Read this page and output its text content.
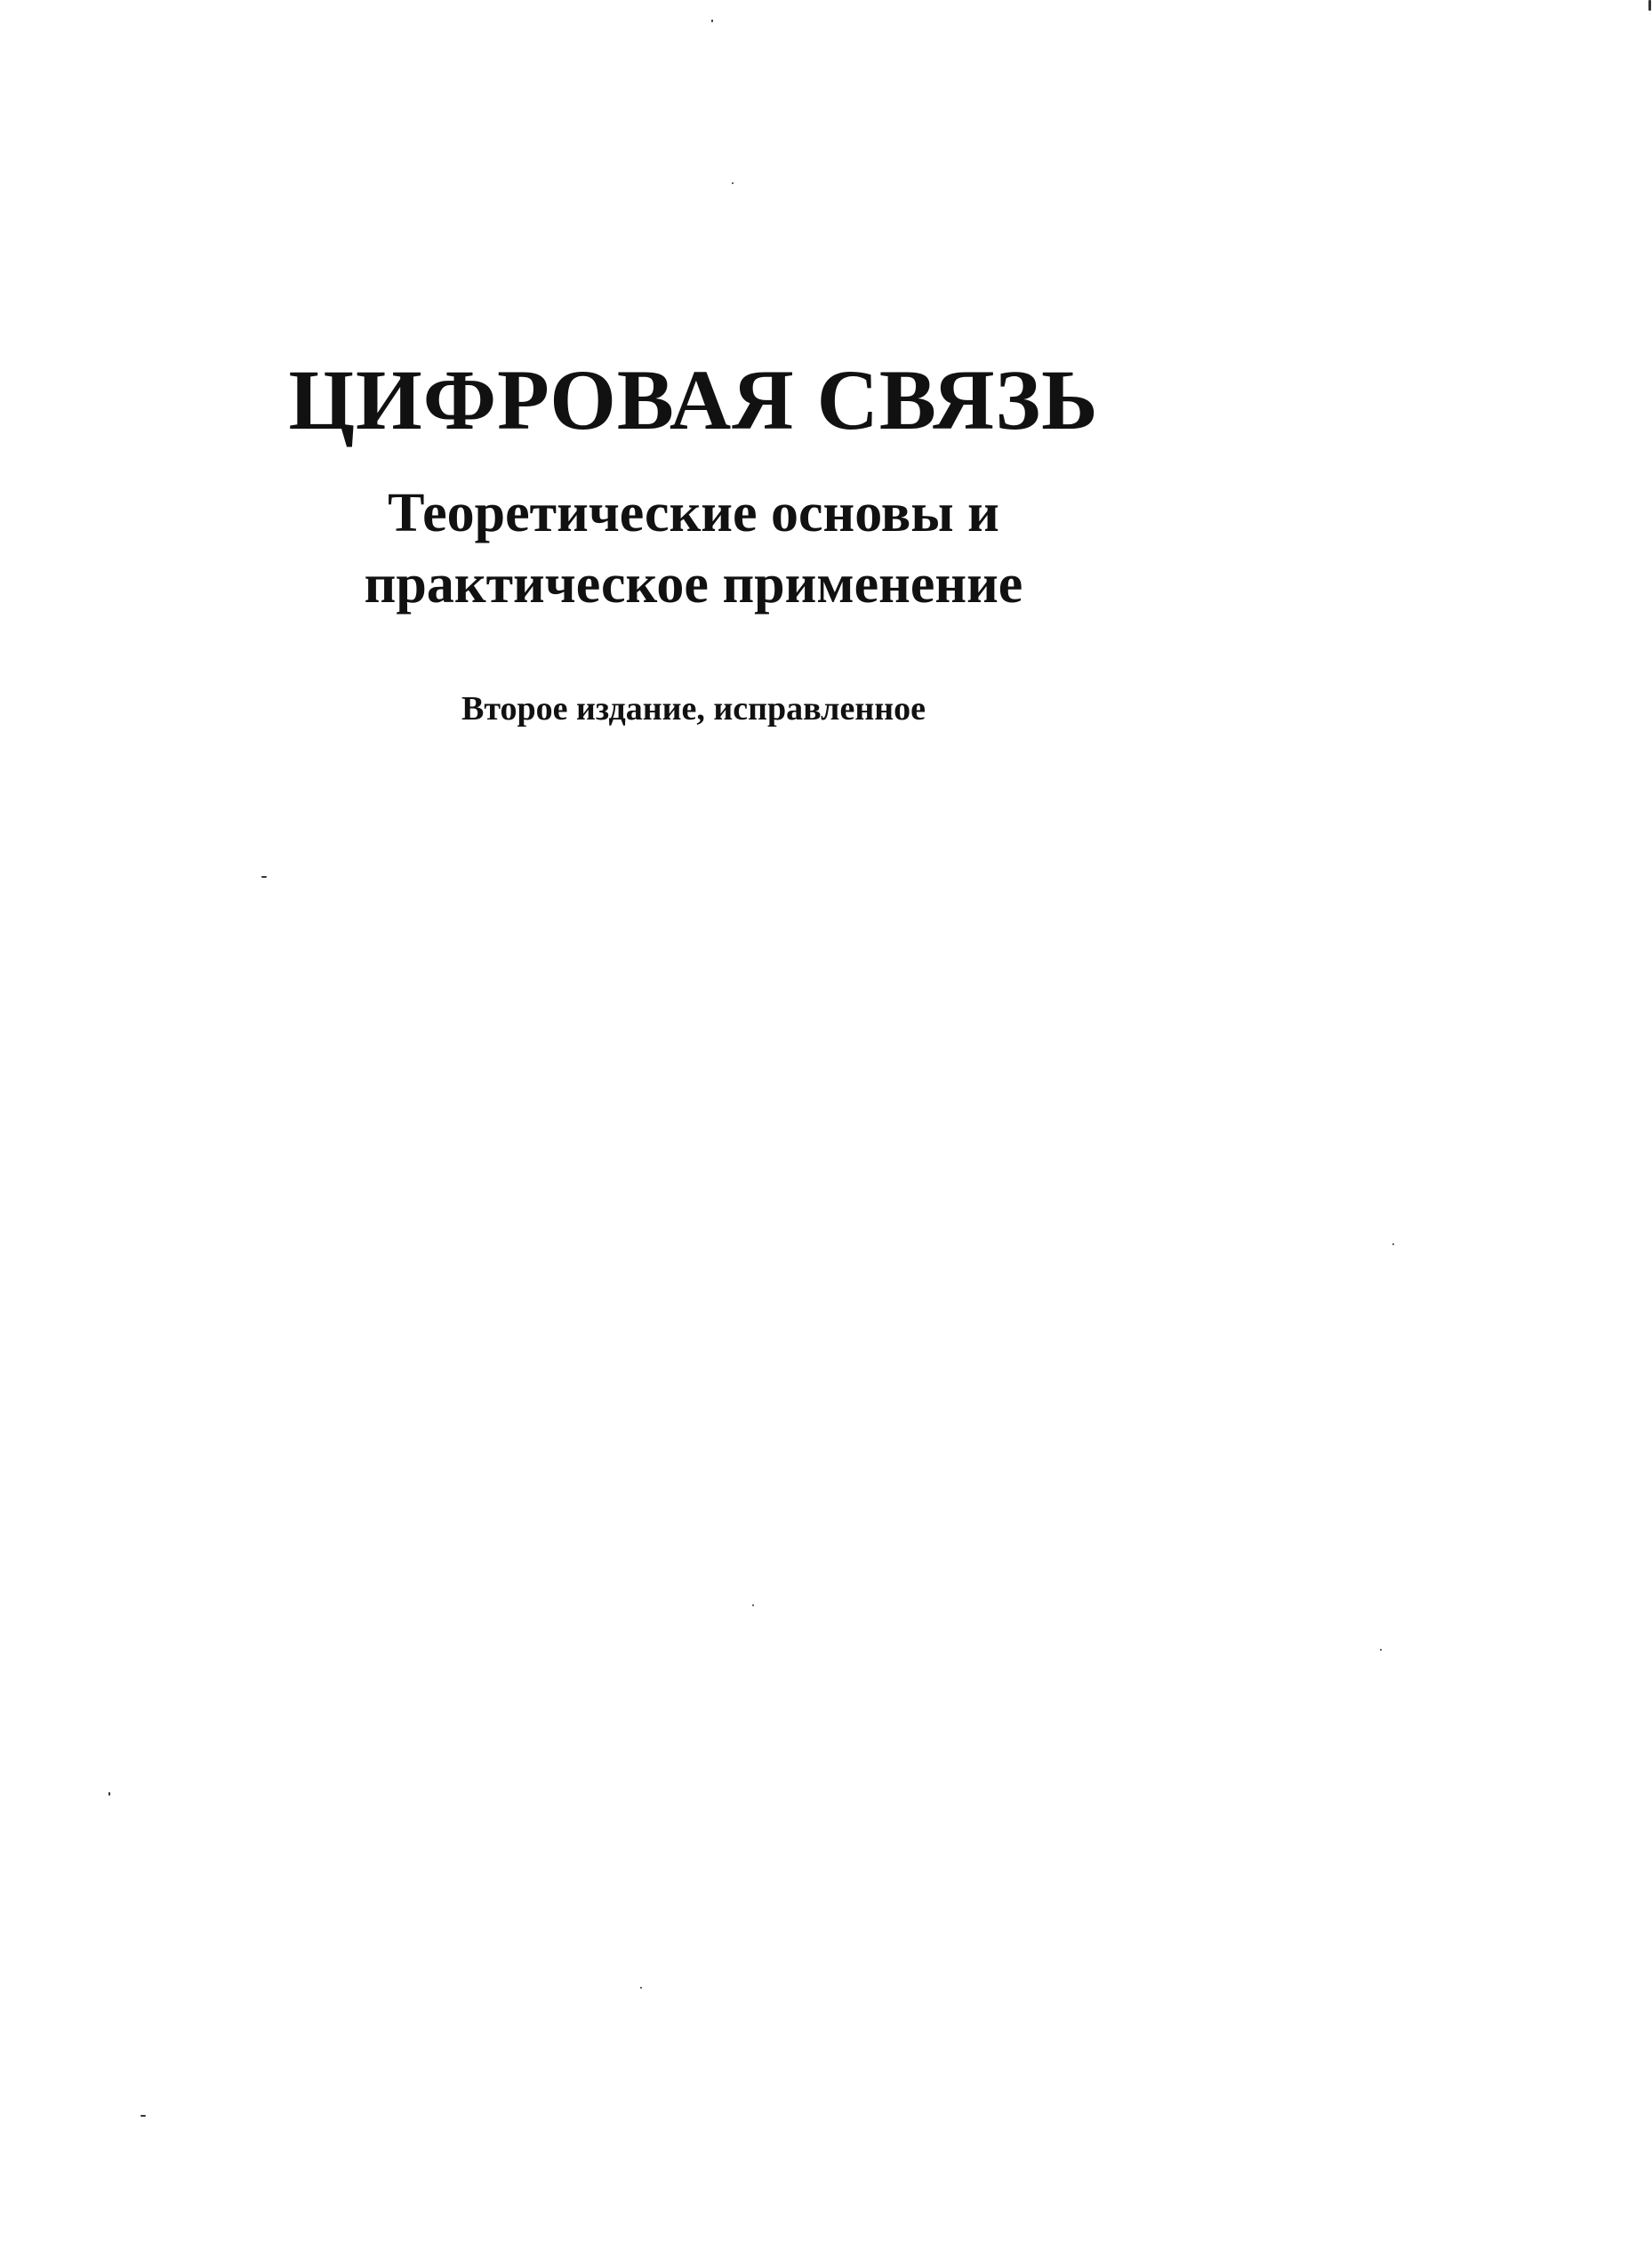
ЦИФРОВАЯ СВЯЗЬ
Теоретические основы и
практическое применение
Второе издание, исправленное
